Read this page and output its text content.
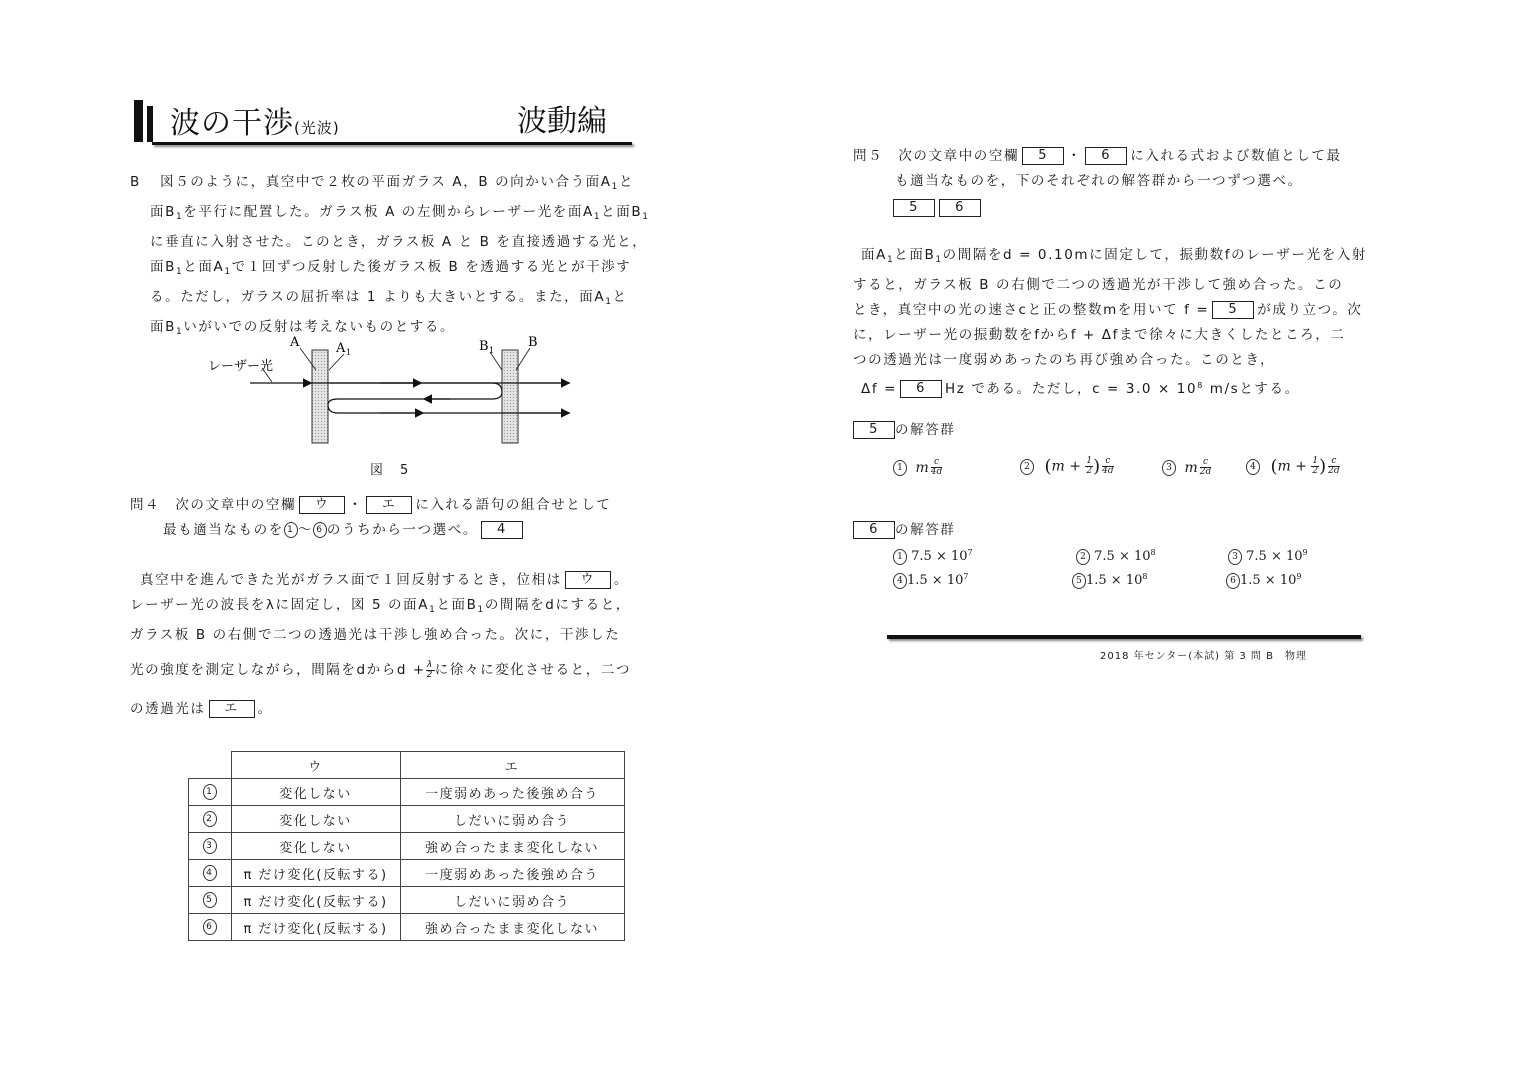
波の干渉(光波)	波動編
B 図５のように，真空中で２枚の平面ガラス A，B の向かい合う面$A_1$と
面$B_1$を平行に配置した。ガラス板 A の左側からレーザー光を面$A_1$と面$B_1$
に垂直に入射させた。このとき，ガラス板 A と B を直接透過する光と，
面$B_1$と面$A_1$で１回ずつ反射した後ガラス板 B を透過する光とが干渉す
る。ただし，ガラスの屈折率は 1 よりも大きいとする。また，面$A_1$と
面$B_1$いがいでの反射は考えないものとする。
レーザー光
A	A 1	B 1
B
図　5
問４　 次の文章中の空欄 ウ ・ エ に入れる語句の組合せとして
最も適当なものを 1 〜 6 のうちから一つ選べ。 4
真空中を進んできた光がガラス面で１回反射するとき，位相は ウ 。
レーザー光の波長をλに固定し，図 5 の面$A_1$と面$B_1$の間隔をdにすると，
ガラス板 B の右側で二つの透過光は干渉し強め合った。次に，干渉した
光の強度を測定しながら，間隔をdから$d + \frac{\lambda}{2}$ に徐々に変化させると，二つ
の透過光は エ 。
	ウ	エ
1	変化しない	一度弱めあった後強め合う
2	変化しない	しだいに弱め合う
3	変化しない	強め合ったまま変化しない
4	π だけ変化(反転する)	一度弱めあった後強め合う
5	π だけ変化(反転する)	しだいに弱め合う
6	π だけ変化(反転する)	強め合ったまま変化しない
問５　 次の文章中の空欄 5 ・ 6 に入れる式および数値として最
も適当なものを，下のそれぞれの解答群から一つずつ選べ。
5	6
面$A_1$と面$B_1$の間隔をd = 0.10mに固定して，振動数fのレーザー光を入射
すると，ガラス板 B の右側で二つの透過光が干渉して強め合った。この
とき，真空中の光の速さcと正の整数mを用いて f = 5 が成り立つ。次
に，レーザー光の振動数をfからf + Δfまで徐々に大きくしたところ，二
つの透過光は一度弱めあったのち再び強め合った。このとき，
Δf = 6 Hz である。ただし，$c = 3.0 \times 10^8$ m/sとする。
5 の解答群
1 m $\frac{c}{4d}$	2 ($m + \frac{1}{2}$ ) $\frac{c}{4d}$	3 m $\frac{c}{2d}$	4 ($m + \frac{1}{2}$ ) $\frac{c}{2d}$
6 の解答群
1 $7.5 \times 10^7$	2 $7.5 \times 10^8$	3 $7.5 \times 10^9$
4 $1.5 \times 10^7$	5 $1.5 \times 10^8$	6 $1.5 \times 10^9$
2018 年センター(本試) 第 3 問 B　物理
